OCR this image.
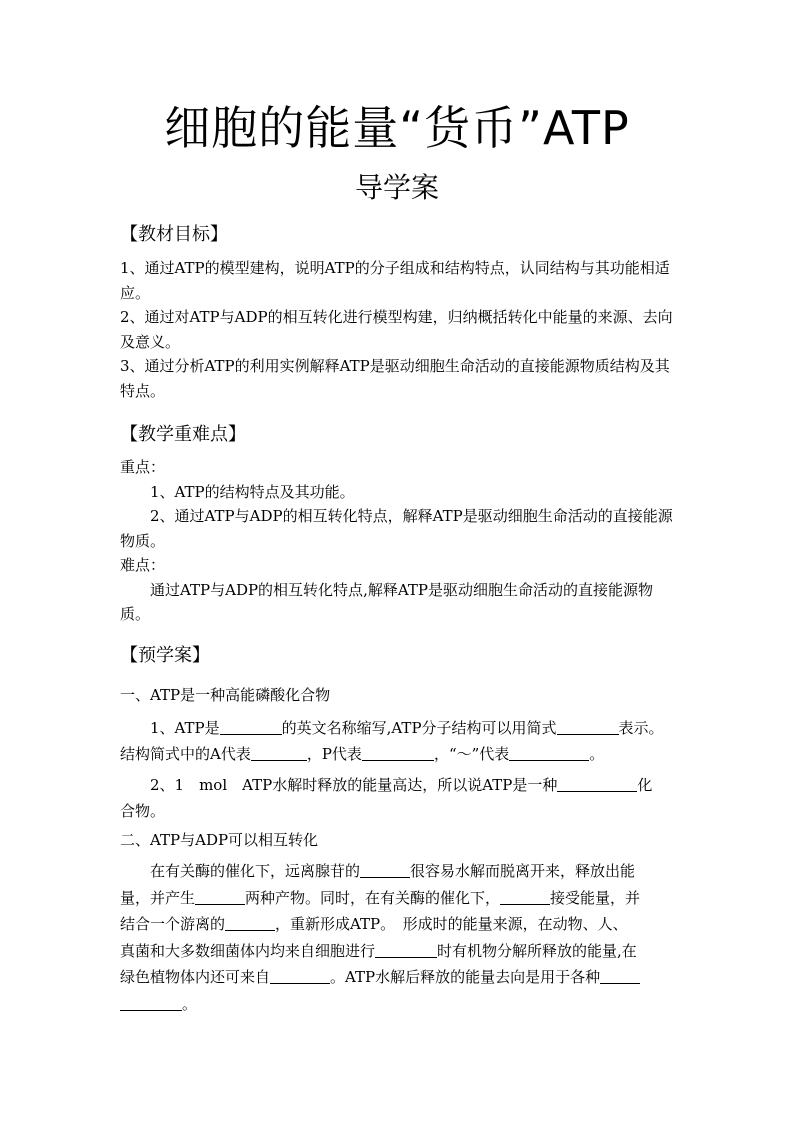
细胞的能量“货币”ATP
导学案
【教材目标】
1、通过ATP的模型建构，说明ATP的分子组成和结构特点，认同结构与其功能相适应。
2、通过对ATP与ADP的相互转化进行模型构建，归纳概括转化中能量的来源、去向及意义。
3、通过分析ATP的利用实例解释ATP是驱动细胞生命活动的直接能源物质结构及其特点。
【教学重难点】
重点：
1、ATP的结构特点及其功能。
2、通过ATP与ADP的相互转化特点，解释ATP是驱动细胞生命活动的直接能源物质。
难点：
通过ATP与ADP的相互转化特点,解释ATP是驱动细胞生命活动的直接能源物质。
【预学案】
一、ATP是一种高能磷酸化合物
1、ATP是	的英文名称缩写,ATP分子结构可以用简式	表示。
结构简式中的A代表	，P代表	，“～”代表	。
2、1　mol　ATP水解时释放的能量高达，所以说ATP是一种	化
合物。
二、ATP与ADP可以相互转化
在有关酶的催化下，远离腺苷的	很容易水解而脱离开来，释放出能
量，并产生	两种产物。同时，在有关酶的催化下，	接受能量，并
结合一个游离的	，重新形成ATP。　形成时的能量来源，在动物、人、
真菌和大多数细菌体内均来自细胞进行	时有机物分解所释放的能量,在
绿色植物体内还可来自	。ATP水解后释放的能量去向是用于各种
。
